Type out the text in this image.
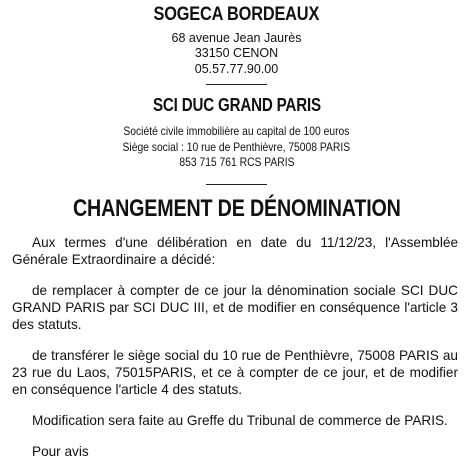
SOGECA BORDEAUX
68 avenue Jean Jaurès
33150 CENON
05.57.77.90.00
SCI DUC GRAND PARIS
Société civile immobilière au capital de 100 euros
Siège social : 10 rue de Penthièvre, 75008 PARIS
853 715 761 RCS PARIS
CHANGEMENT DE DÉNOMINATION

Aux termes d'une délibération en date du 11/12/23, l'Assemblée Générale Extraordinaire a décidé:

de remplacer à compter de ce jour la dénomination sociale SCI DUC GRAND PARIS par SCI DUC III, et de modifier en conséquence l'article 3 des statuts.

de transférer le siège social du 10 rue de Penthièvre, 75008 PARIS au 23 rue du Laos, 75015PARIS, et ce à compter de ce jour, et de modifier en conséquence l'article 4 des statuts.

Modification sera faite au Greffe du Tribunal de commerce de PARIS.

Pour avis
